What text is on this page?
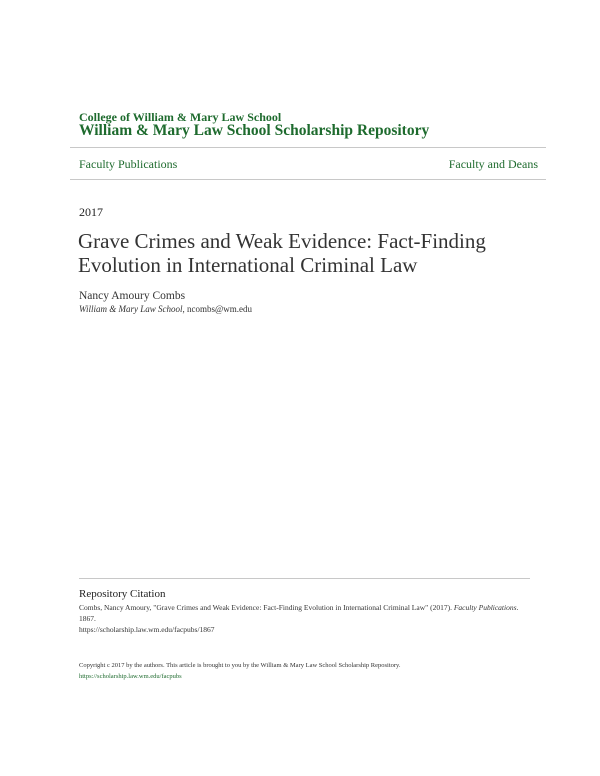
College of William & Mary Law School
William & Mary Law School Scholarship Repository
Faculty Publications	Faculty and Deans
2017
Grave Crimes and Weak Evidence: Fact-Finding Evolution in International Criminal Law
Nancy Amoury Combs
William & Mary Law School, ncombs@wm.edu
Repository Citation
Combs, Nancy Amoury, "Grave Crimes and Weak Evidence: Fact-Finding Evolution in International Criminal Law" (2017). Faculty Publications. 1867.
https://scholarship.law.wm.edu/facpubs/1867
Copyright c 2017 by the authors. This article is brought to you by the William & Mary Law School Scholarship Repository.
https://scholarship.law.wm.edu/facpubs
